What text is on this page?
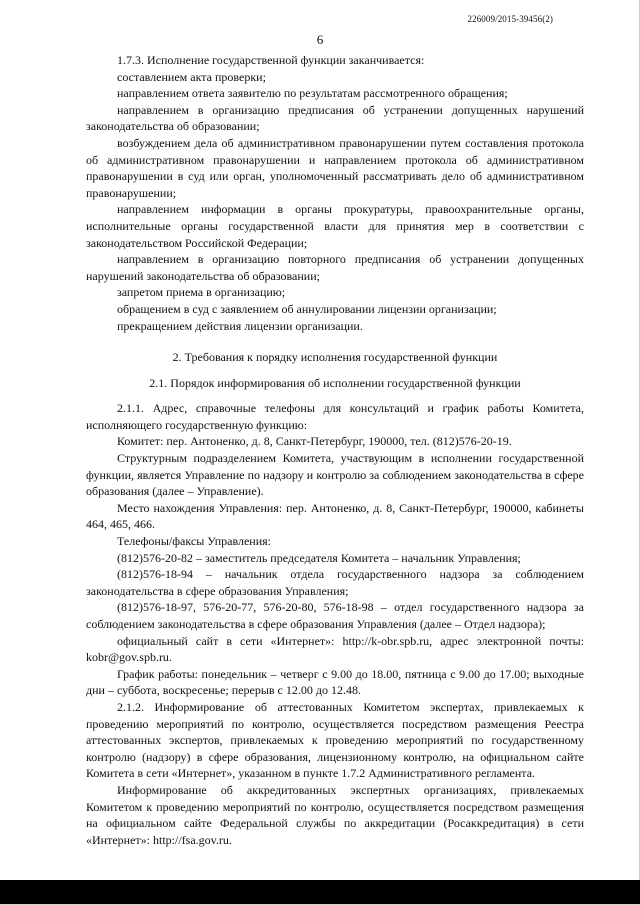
226009/2015-39456(2)
6

1.7.3. Исполнение государственной функции заканчивается:

составлением акта проверки;

направлением ответа заявителю по результатам рассмотренного обращения;

направлением в организацию предписания об устранении допущенных нарушений законодательства об образовании;

возбуждением дела об административном правонарушении путем составления протокола об административном правонарушении и направлением протокола об административном правонарушении в суд или орган, уполномоченный рассматривать дело об административном правонарушении;

направлением информации в органы прокуратуры, правоохранительные органы, исполнительные органы государственной власти для принятия мер в соответствии с законодательством Российской Федерации;

направлением в организацию повторного предписания об устранении допущенных нарушений законодательства об образовании;

запретом приема в организацию;

обращением в суд с заявлением об аннулировании лицензии организации;

прекращением действия лицензии организации.

2. Требования к порядку исполнения государственной функции

2.1. Порядок информирования об исполнении государственной функции

2.1.1. Адрес, справочные телефоны для консультаций и график работы Комитета, исполняющего государственную функцию:

Комитет: пер. Антоненко, д. 8, Санкт-Петербург, 190000, тел. (812)576-20-19.

Структурным подразделением Комитета, участвующим в исполнении государственной функции, является Управление по надзору и контролю за соблюдением законодательства в сфере образования (далее – Управление).

Место нахождения Управления: пер. Антоненко, д. 8, Санкт-Петербург, 190000, кабинеты 464, 465, 466.

Телефоны/факсы Управления:

(812)576-20-82 – заместитель председателя Комитета – начальник Управления;

(812)576-18-94 – начальник отдела государственного надзора за соблюдением законодательства в сфере образования Управления;

(812)576-18-97, 576-20-77, 576-20-80, 576-18-98 – отдел государственного надзора за соблюдением законодательства в сфере образования Управления (далее – Отдел надзора);

официальный сайт в сети «Интернет»: http://k-obr.spb.ru, адрес электронной почты: kobr@gov.spb.ru.

График работы: понедельник – четверг с 9.00 до 18.00, пятница с 9.00 до 17.00; выходные дни – суббота, воскресенье; перерыв с 12.00 до 12.48.

2.1.2. Информирование об аттестованных Комитетом экспертах, привлекаемых к проведению мероприятий по контролю, осуществляется посредством размещения Реестра аттестованных экспертов, привлекаемых к проведению мероприятий по государственному контролю (надзору) в сфере образования, лицензионному контролю, на официальном сайте Комитета в сети «Интернет», указанном в пункте 1.7.2 Административного регламента.

Информирование об аккредитованных экспертных организациях, привлекаемых Комитетом к проведению мероприятий по контролю, осуществляется посредством размещения на официальном сайте Федеральной службы по аккредитации (Росаккредитация) в сети «Интернет»: http://fsa.gov.ru.
